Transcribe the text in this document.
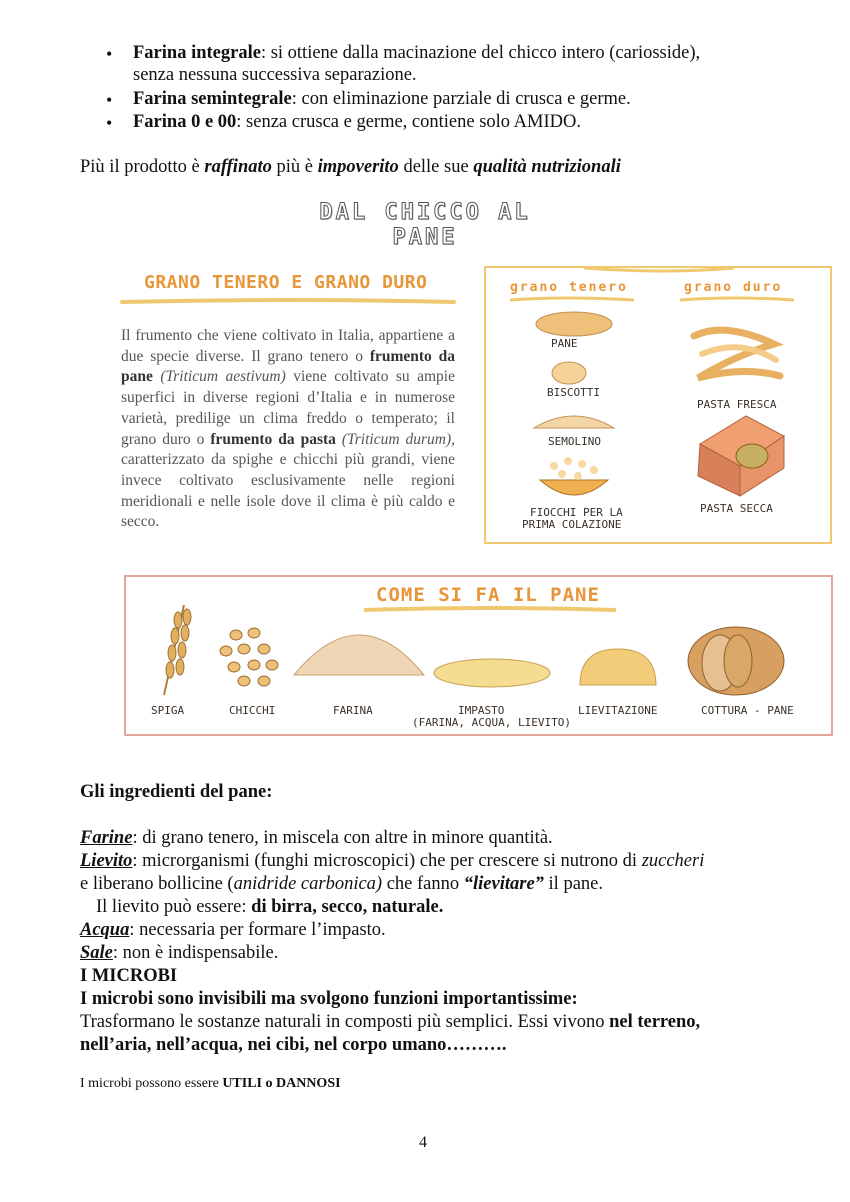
• Farina integrale: si ottiene dalla macinazione del chicco intero (cariosside),
senza nessuna successiva separazione.
• Farina semintegrale: con eliminazione parziale di crusca e germe.
• Farina 0 e 00: senza crusca e germe, contiene solo AMIDO.
Più il prodotto è raffinato più è impoverito delle sue qualità nutrizionali
DAL CHICCO AL PANE
GRANO TENERO E GRANO DURO

Il frumento che viene coltivato in Italia, appartiene a due specie diverse. Il grano tenero o frumento da pane (Triticum aestivum) viene coltivato su ampie superfici in diverse regioni d’Italia e in numerose varietà, predilige un clima freddo o temperato; il grano duro o frumento da pasta (Triticum durum), caratterizzato da spighe e chicchi più grandi, viene invece coltivato esclusivamente nelle regioni meridionali e nelle isole dove il clima è più caldo e secco.

grano tenero	grano duro
PANE
BISCOTTI
SEMOLINO
FIOCCHI PER LA
PRIMA COLAZIONE
PASTA FRESCA
PASTA SECCA
COME SI FA IL PANE
SPIGA	CHICCHI	FARINA	IMPASTO
(FARINA, ACQUA, LIEVITO)
LIEVITAZIONE	COTTURA - PANE
Gli ingredienti del pane:
Farine: di grano tenero, in miscela con altre in minore quantità.
Lievito: microrganismi (funghi microscopici) che per crescere si nutrono di zuccheri
e liberano bollicine (anidride carbonica) che fanno “lievitare” il pane.
Il lievito può essere: di birra, secco, naturale.
Acqua: necessaria per formare l’impasto.
Sale: non è indispensabile.
I MICROBI
I microbi sono invisibili ma svolgono funzioni importantissime:
Trasformano le sostanze naturali in composti più semplici. Essi vivono nel terreno,
nell’aria, nell’acqua, nei cibi, nel corpo umano……….
I microbi possono essere UTILI o DANNOSI
4
